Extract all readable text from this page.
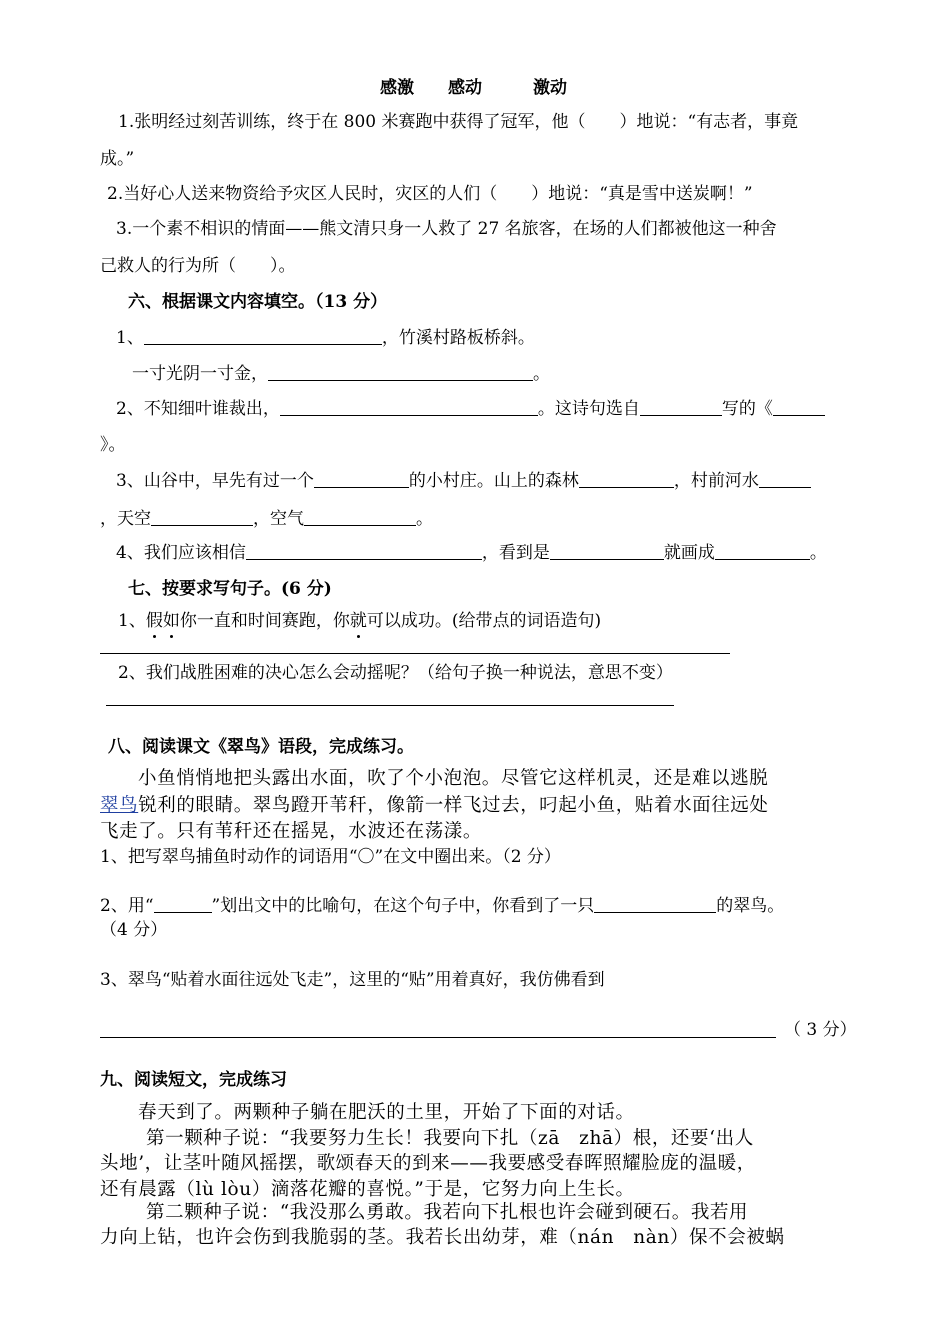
感激　　感动　　　激动
1.张明经过刻苦训练，终于在 800 米赛跑中获得了冠军，他（　　）地说：“有志者，事竟
成。”
2.当好心人送来物资给予灾区人民时，灾区的人们（　　）地说：“真是雪中送炭啊！”
3.一个素不相识的情面——熊文清只身一人救了 27 名旅客，在场的人们都被他这一种舍
己救人的行为所（　　）。
六、根据课文内容填空。（13 分）
1、	，竹溪村路板桥斜。
一寸光阴一寸金，	。
2、不知细叶谁裁出，	。这诗句选自	写的《
》。
3、山谷中，早先有过一个	的小村庄。山上的森林	，村前河水
，天空	，空气	。
4、我们应该相信	，看到是	就画成	。
七、按要求写句子。(6 分)
1、假如你一直和时间赛跑，你就可以成功。(给带点的词语造句)
2、我们战胜困难的决心怎么会动摇呢？（给句子换一种说法，意思不变）
八、阅读课文《翠鸟》语段，完成练习。
小鱼悄悄地把头露出水面，吹了个小泡泡。尽管它这样机灵，还是难以逃脱
翠鸟锐利的眼睛。翠鸟蹬开苇秆，像箭一样飞过去，叼起小鱼，贴着水面往远处
飞走了。只有苇秆还在摇晃，水波还在荡漾。
1、把写翠鸟捕鱼时动作的词语用“〇”在文中圈出来。（2 分）
2、用“	”划出文中的比喻句，在这个句子中，你看到了一只	的翠鸟。
（4 分）
3、翠鸟“贴着水面往远处飞走”，这里的“贴”用着真好，我仿佛看到
（ 3 分）
九、阅读短文，完成练习
春天到了。两颗种子躺在肥沃的土里，开始了下面的对话。
第一颗种子说：“我要努力生长！我要向下扎（zā　zhā）根，还要‘出人
头地’，让茎叶随风摇摆，歌颂春天的到来——我要感受春晖照耀脸庞的温暖，
还有晨露（lù lòu）滴落花瓣的喜悦。”于是，它努力向上生长。
第二颗种子说：“我没那么勇敢。我若向下扎根也许会碰到硬石。我若用
力向上钻，也许会伤到我脆弱的茎。我若长出幼芽，难（nán　nàn）保不会被蜗
